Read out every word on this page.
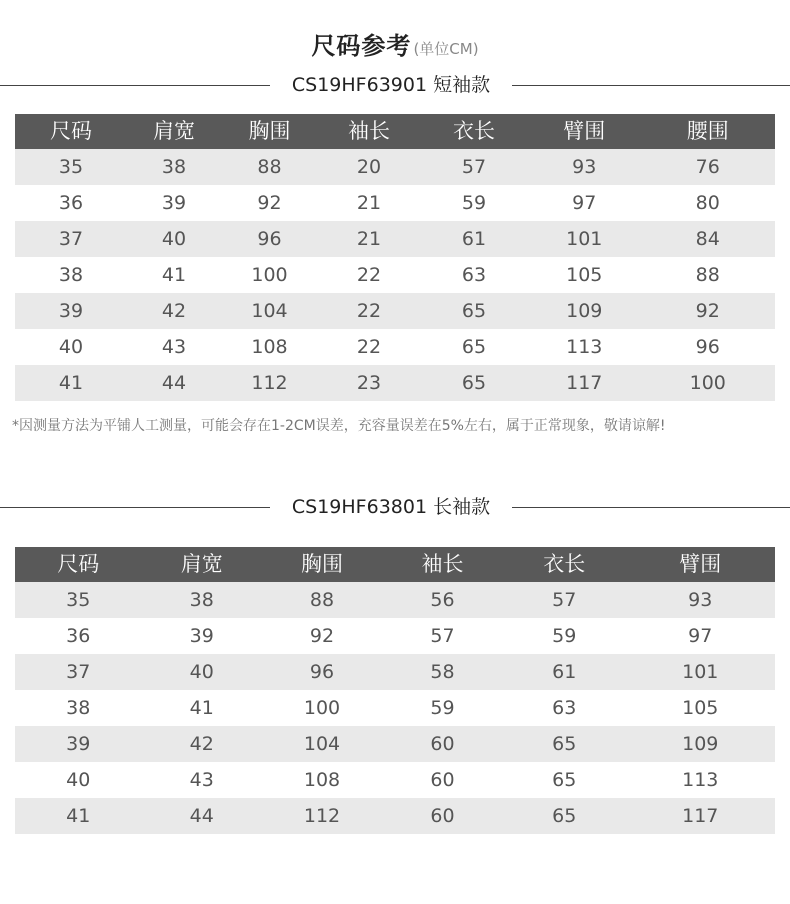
尺码参考 (单位CM)
CS19HF63901 短袖款
尺码	肩宽	胸围	袖长	衣长	臂围	腰围
35	38	88	20	57	93	76
36	39	92	21	59	97	80
37	40	96	21	61	101	84
38	41	100	22	63	105	88
39	42	104	22	65	109	92
40	43	108	22	65	113	96
41	44	112	23	65	117	100
*因测量方法为平铺人工测量，可能会存在1-2CM误差，充容量误差在5%左右，属于正常现象，敬请谅解!
CS19HF63801 长袖款
尺码	肩宽	胸围	袖长	衣长	臂围
35	38	88	56	57	93
36	39	92	57	59	97
37	40	96	58	61	101
38	41	100	59	63	105
39	42	104	60	65	109
40	43	108	60	65	113
41	44	112	60	65	117
